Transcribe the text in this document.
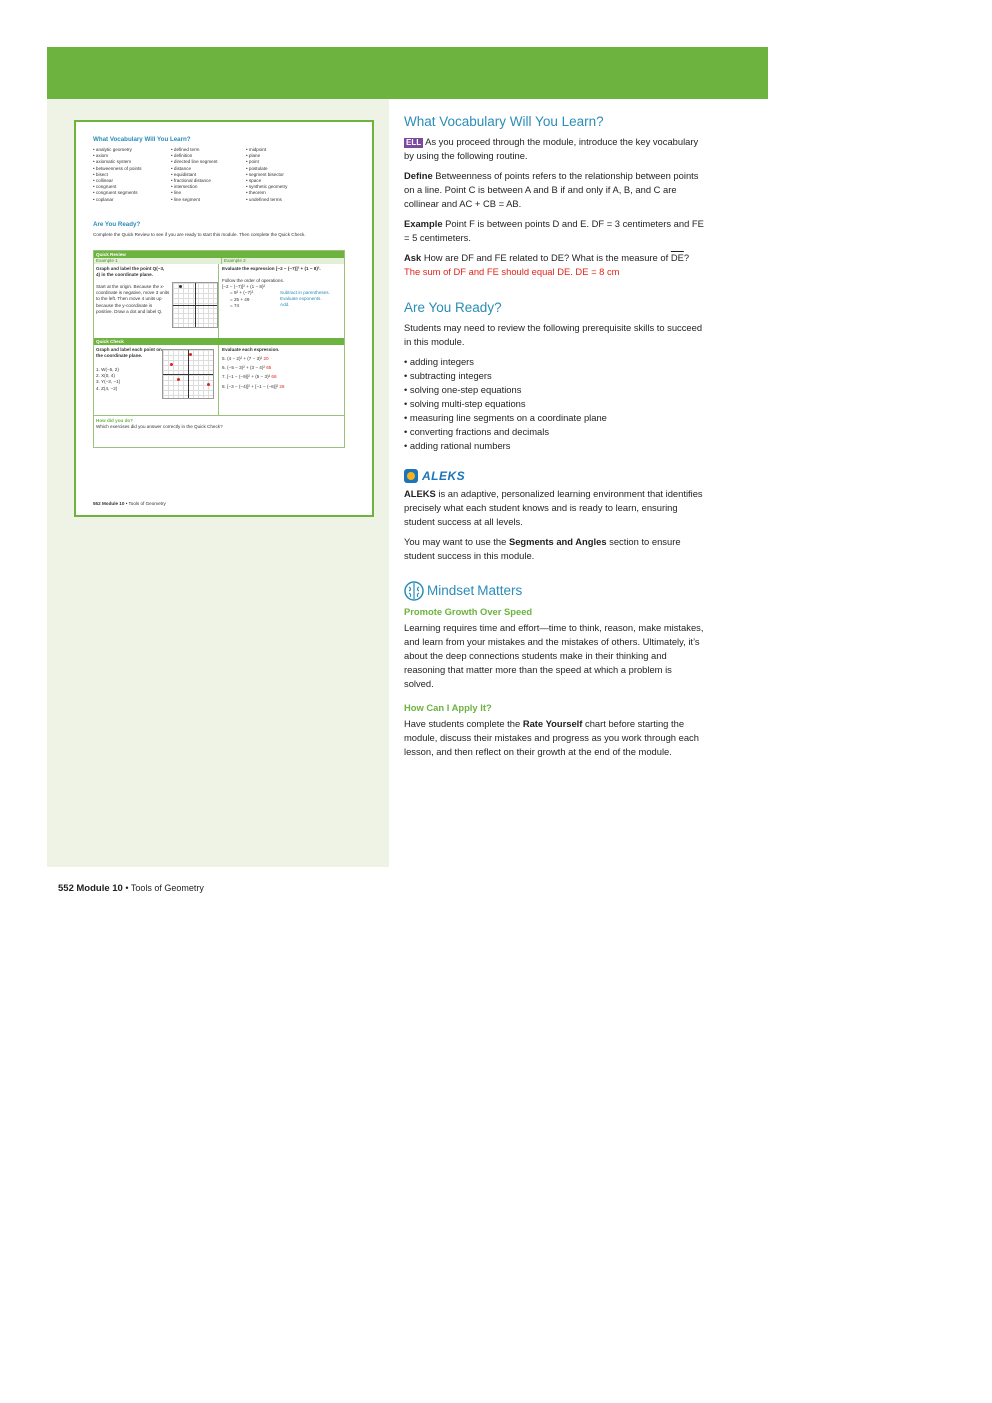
What Vocabulary Will You Learn?
• analytic geometry
• axiom
• axiomatic system
• betweenness of points
• bisect
• collinear
• congruent
• congruent segments
• coplanar
• defined term
• definition
• directed line segment
• distance
• equidistant
• fractional distance
• intersection
• line
• line segment
• midpoint
• plane
• point
• postulate
• segment bisector
• space
• synthetic geometry
• theorem
• undefined terms
Are You Ready?
Complete the Quick Review to see if you are ready to start this module. Then complete the Quick Check.
Quick Review
Example 1	Example 2
Graph and label the point Q(−3, 4) in the coordinate plane.
Start at the origin. Because the x-coordinate is negative, move 3 units to the left. Then move 4 units up because the y-coordinate is positive. Draw a dot and label Q.
Evaluate the expression [−2 − (−7)]² + (1 − 8)².
Follow the order of operations.
[−2 − (−7)]² + (1 − 8)²
= 5² + (−7)²
= 25 + 49
= 74
Subtract in parentheses.
Evaluate exponents.
Add.
Quick Check
Graph and label each point on the coordinate plane.
1. W(−5, 2)
2. X(0, 4)
3. Y(−3, −1)
4. Z(4, −2)
Evaluate each expression.
5. (4 − 2)² + (7 − 3)² 20
6. (−5 − 3)² + (3 − 4)² 65
7. [−1 − (−9)]² + (5 − 3)² 68
8. [−3 − (−4)]² + [−1 − (−6)]² 26
How did you do?
Which exercises did you answer correctly in the Quick Check?
552 Module 10 • Tools of Geometry
552 Module 10 • Tools of Geometry
What Vocabulary Will You Learn?

ELL As you proceed through the module, introduce the key vocabulary by using the following routine.

Define Betweenness of points refers to the relationship between points on a line. Point C is between A and B if and only if A, B, and C are collinear and AC + CB = AB.

Example Point F is between points D and E. DF = 3 centimeters and FE = 5 centimeters.

Ask How are DF and FE related to DE? What is the measure of $\overline{DE}$? The sum of DF and FE should equal DE. DE = 8 cm

Are You Ready?

Students may need to review the following prerequisite skills to succeed in this module.

• adding integers
• subtracting integers
• solving one-step equations
• solving multi-step equations
• measuring line segments on a coordinate plane
• converting fractions and decimals
• adding rational numbers
ALEKS

ALEKS is an adaptive, personalized learning environment that identifies precisely what each student knows and is ready to learn, ensuring student success at all levels.

You may want to use the Segments and Angles section to ensure student success in this module.

Mindset Matters
Promote Growth Over Speed

Learning requires time and effort—time to think, reason, make mistakes, and learn from your mistakes and the mistakes of others. Ultimately, it’s about the deep connections students make in their thinking and reasoning that matter more than the speed at which a problem is solved.

How Can I Apply It?

Have students complete the Rate Yourself chart before starting the module, discuss their mistakes and progress as you work through each lesson, and then reflect on their growth at the end of the module.
